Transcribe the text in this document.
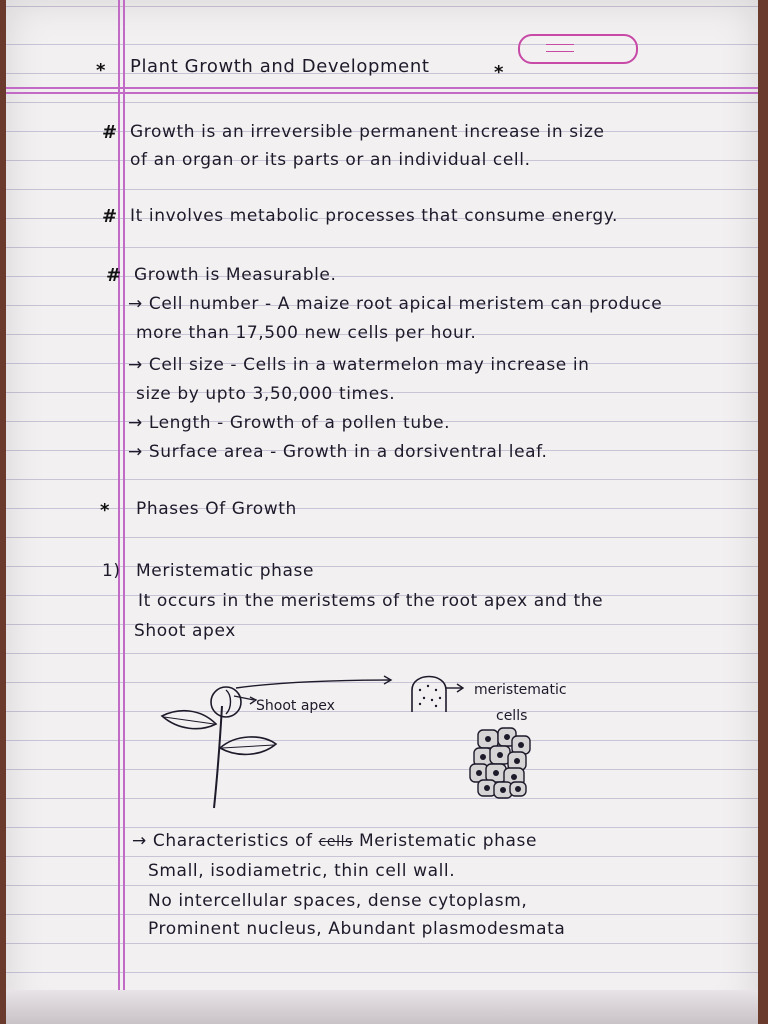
* Plant Growth and Development	*
# Growth is an irreversible permanent increase in size
of an organ or its parts or an individual cell.
# It involves metabolic processes that consume energy.
# Growth is Measurable.
→ Cell number - A maize root apical meristem can produce
more than 17,500 new cells per hour.
→ Cell size - Cells in a watermelon may increase in
size by upto 3,50,000 times.
→ Length - Growth of a pollen tube.
→ Surface area - Growth in a dorsiventral leaf.
* Phases Of Growth
1) Meristematic phase
It occurs in the meristems of the root apex and the
Shoot apex
→ Characteristics of cells Meristematic phase
Small, isodiametric, thin cell wall.
No intercellular spaces, dense cytoplasm,
Prominent nucleus, Abundant plasmodesmata
Shoot apex
meristematic
cells
